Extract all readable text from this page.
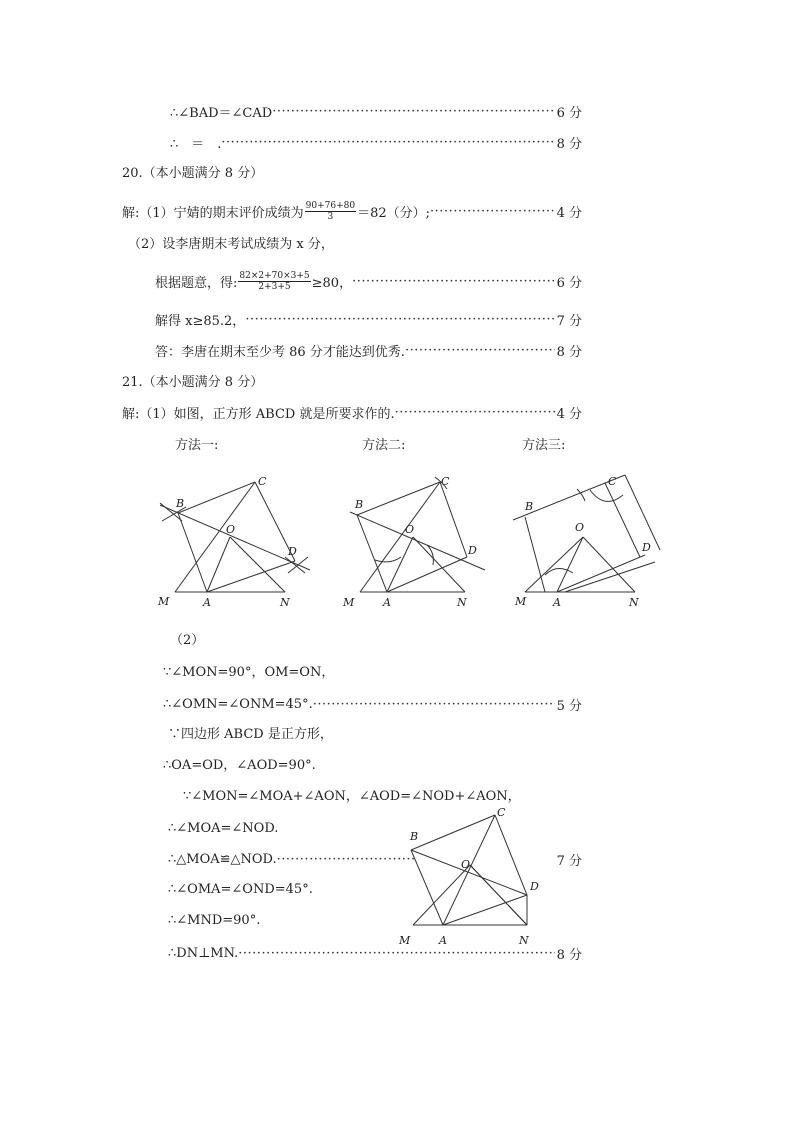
∴∠BAD＝∠CAD ·····	6 分
∴　＝　. ·····	8 分
20.（本小题满分 8 分）
解:（1）宁婧的期末评价成绩为 $\frac{90+76+80}{3} =82$（分）; ·····	4 分
（2）设李唐期末考试成绩为 x 分，
根据题意，得: $\frac{82\times 2+70\times 3+5}{2+3+5} \ge 80$， ·····	6 分
解得 x≥85.2， ·····	7 分
答：李唐在期末至少考 86 分才能达到优秀. ·····	8 分
21.（本小题满分 8 分）
解:（1）如图，正方形 ABCD 就是所要求作的. ·····	4 分
方法一:	方法二:	方法三:
M	A	N
B
C
O
D
M	A	N
B
C
O
D
M A	N
B
C
O
D
（2）
∵∠MON=90°，OM=ON，
∴∠OMN=∠ONM=45°. ·····	5 分
∵四边形 ABCD 是正方形，
∴OA=OD，∠AOD=90°.
∵∠MON=∠MOA+∠AON，∠AOD=∠NOD+∠AON，
∴∠MOA=∠NOD.
∴△MOA≌△NOD. ·····	7 分
∴∠OMA=∠OND=45°.
∴∠MND=90°.
∴DN⊥MN. ·····	8 分
M	A	N
B
C
O
D
